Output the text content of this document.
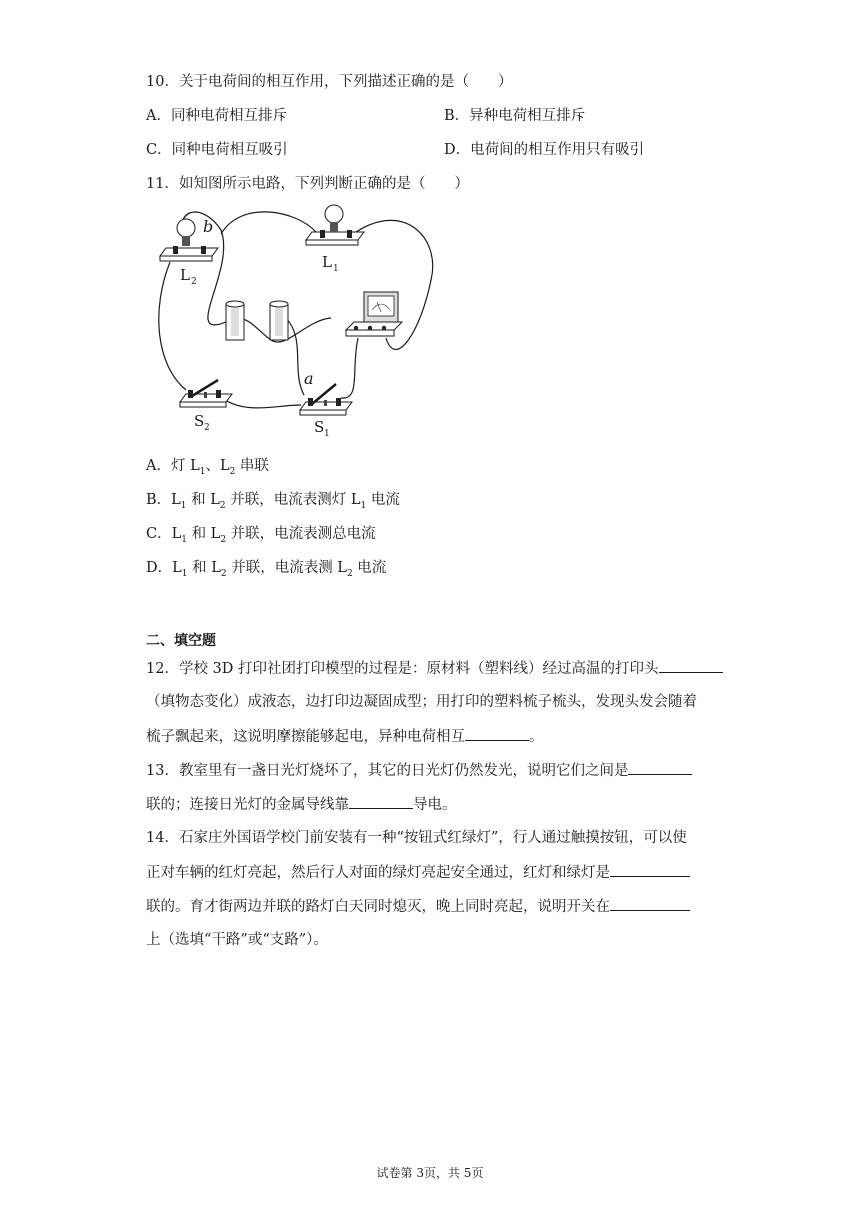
10．关于电荷间的相互作用，下列描述正确的是（　　）
A．同种电荷相互排斥	B．异种电荷相互排斥
C．同种电荷相互吸引	D．电荷间的相互作用只有吸引
11．如知图所示电路，下列判断正确的是（　　）
b
L 2
L 1
S 2
a
S 1
A．灯 $L_1$、$L_2$ 串联
B．$L_1$ 和 $L_2$ 并联，电流表测灯 $L_1$ 电流
C．$L_1$ 和 $L_2$ 并联，电流表测总电流
D．$L_1$ 和 $L_2$ 并联，电流表测 $L_2$ 电流
二、填空题
12．学校 3D 打印社团打印模型的过程是：原材料（塑料线）经过高温的打印头
（填物态变化）成液态，边打印边凝固成型；用打印的塑料梳子梳头，发现头发会随着
梳子飘起来，这说明摩擦能够起电，异种电荷相互	。
13．教室里有一盏日光灯烧坏了，其它的日光灯仍然发光，说明它们之间是
联的；连接日光灯的金属导线靠	导电。
14．石家庄外国语学校门前安装有一种“按钮式红绿灯”，行人通过触摸按钮，可以使
正对车辆的红灯亮起，然后行人对面的绿灯亮起安全通过，红灯和绿灯是
联的。育才街两边并联的路灯白天同时熄灭，晚上同时亮起，说明开关在
上（选填“干路”或“支路”）。
试卷第 3页，共 5页
